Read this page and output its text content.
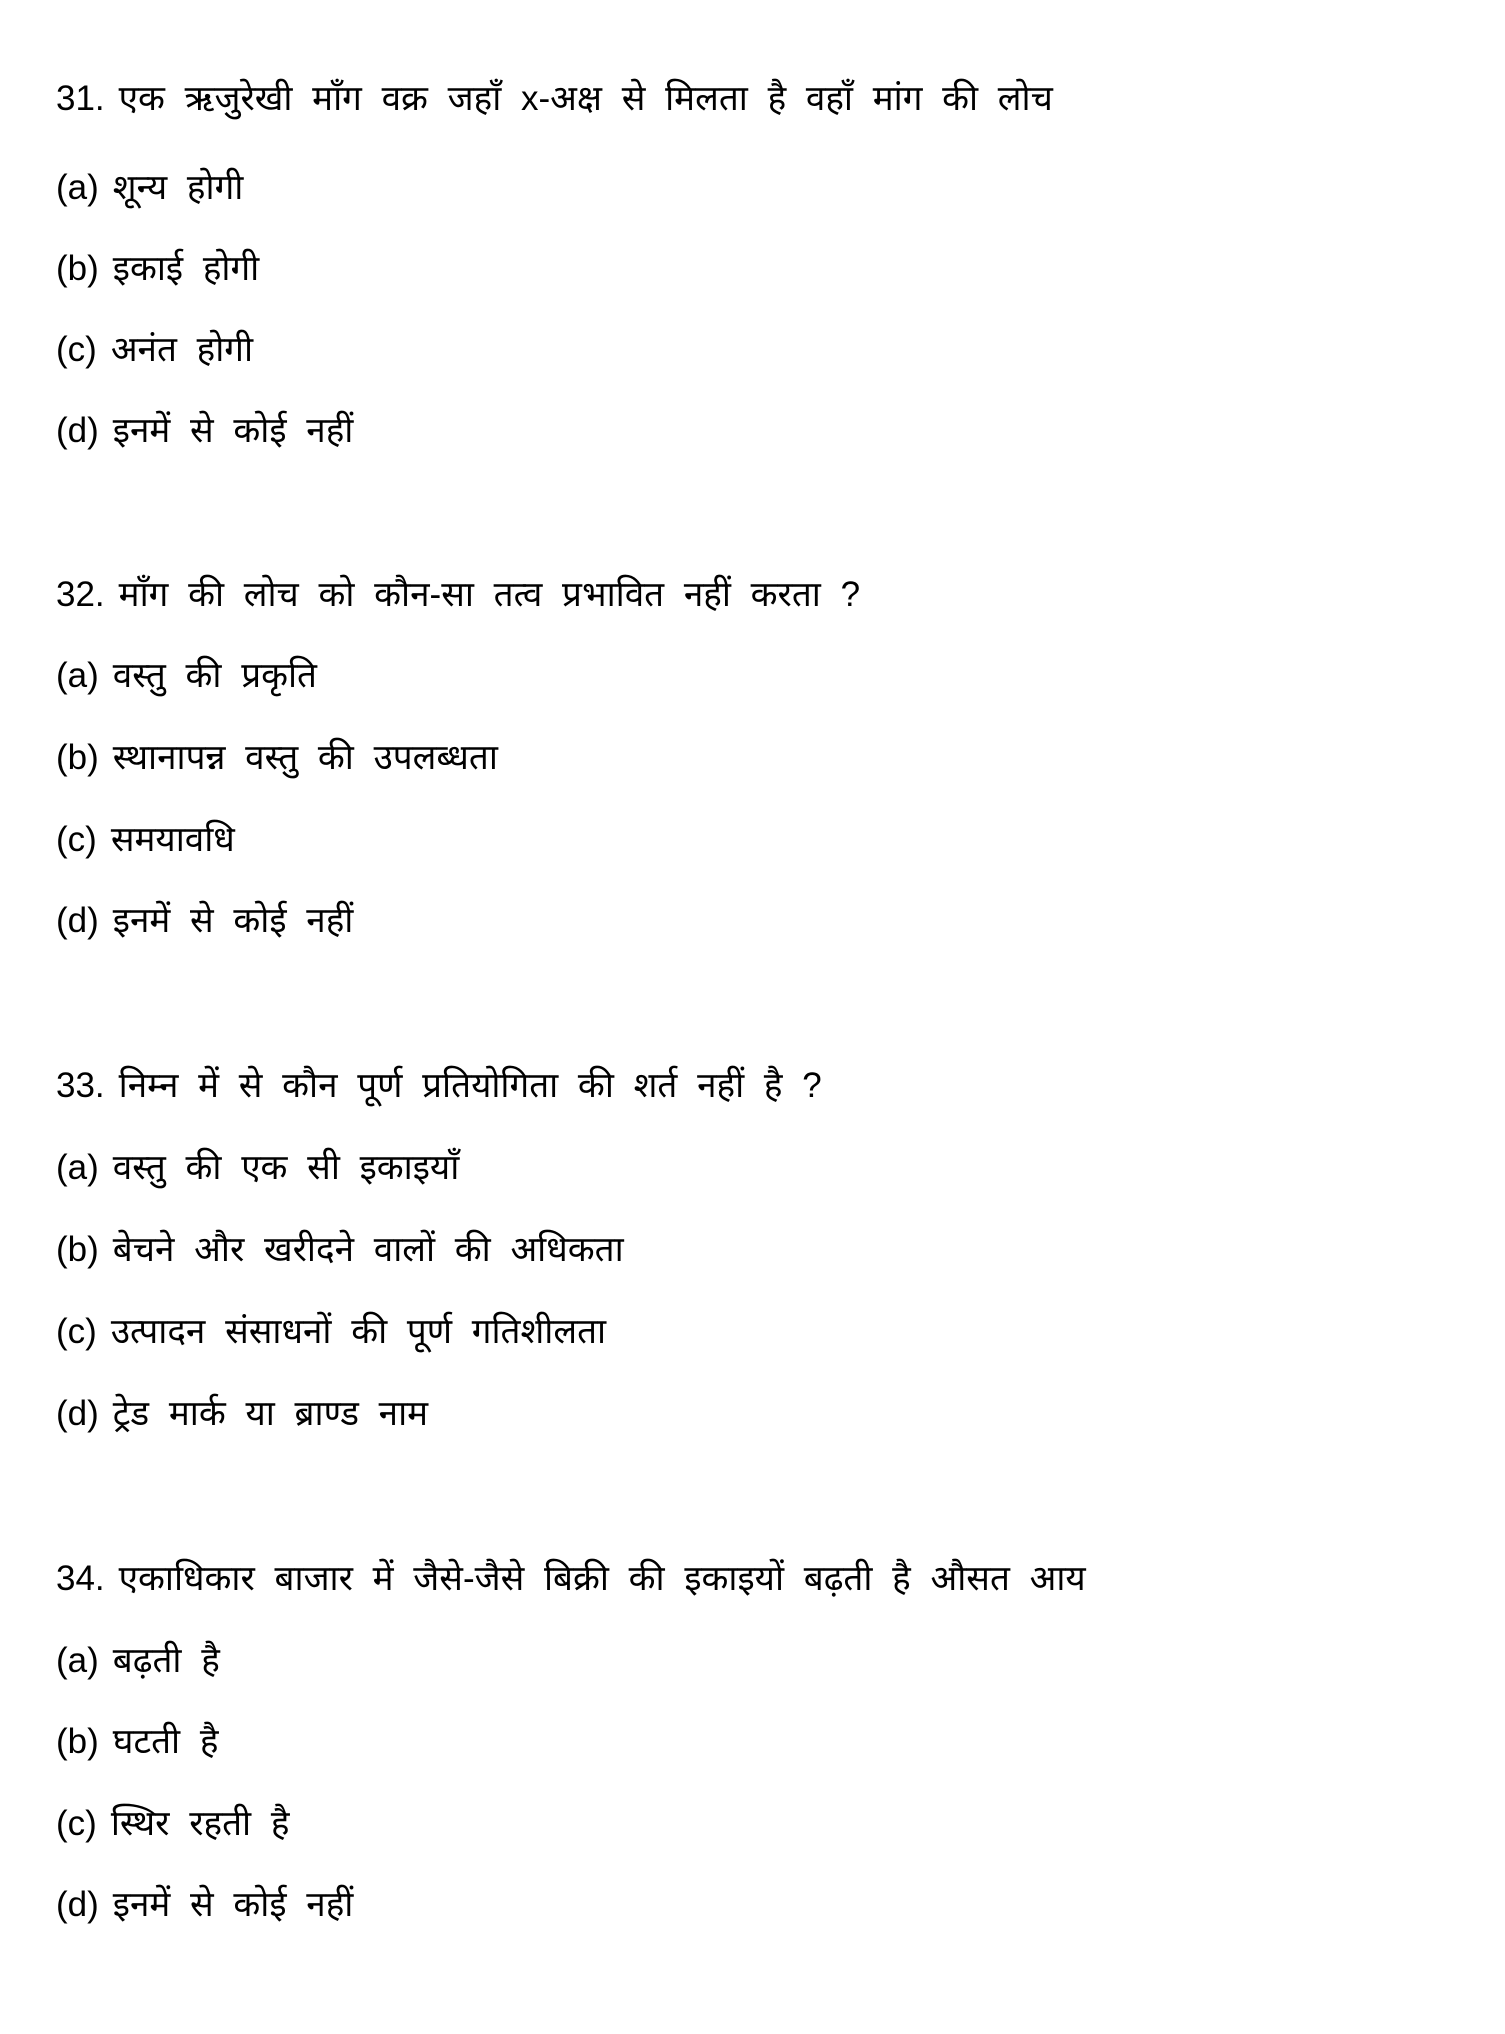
31. एक ऋजुरेखी माँग वक्र जहाँ x-अक्ष से मिलता है वहाँ मांग की लोच
(a) शून्य होगी
(b) इकाई होगी
(c) अनंत होगी
(d) इनमें से कोई नहीं
32. माँग की लोच को कौन-सा तत्व प्रभावित नहीं करता ?
(a) वस्तु की प्रकृति
(b) स्थानापन्न वस्तु की उपलब्धता
(c) समयावधि
(d) इनमें से कोई नहीं
33. निम्न में से कौन पूर्ण प्रतियोगिता की शर्त नहीं है ?
(a) वस्तु की एक सी इकाइयाँ
(b) बेचने और खरीदने वालों की अधिकता
(c) उत्पादन संसाधनों की पूर्ण गतिशीलता
(d) ट्रेड मार्क या ब्राण्ड नाम
34. एकाधिकार बाजार में जैसे-जैसे बिक्री की इकाइयों बढ़ती है औसत आय
(a) बढ़ती है
(b) घटती है
(c) स्थिर रहती है
(d) इनमें से कोई नहीं
